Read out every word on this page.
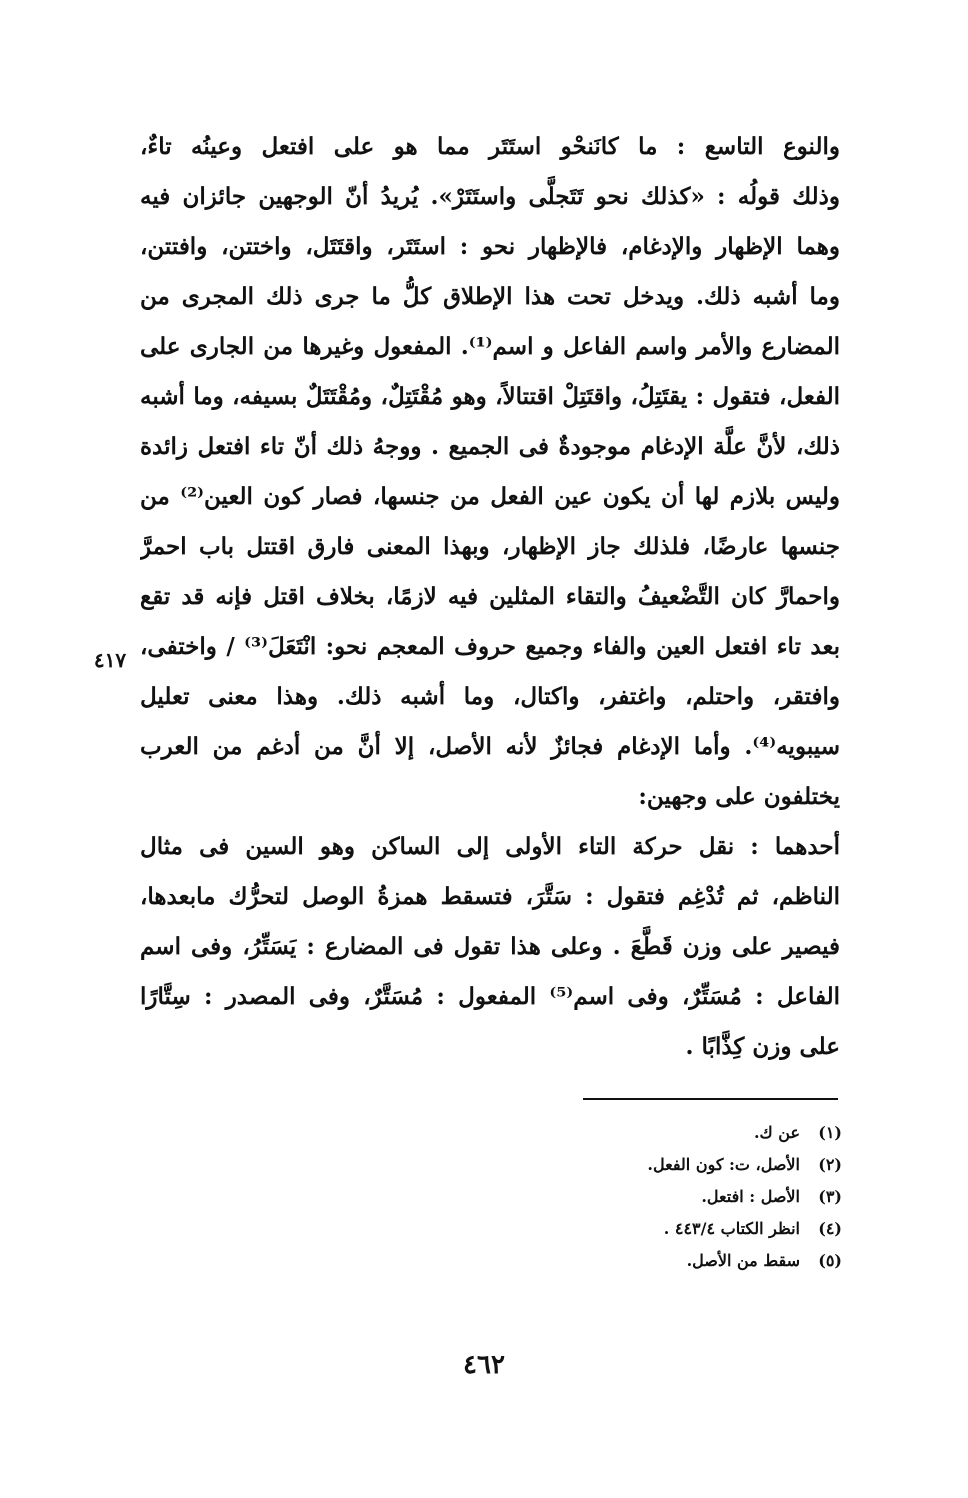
والنوع التاسع : ما كانَنحْو استَتَر مما هو على افتعل وعينُه تاءٌ،
وذلك قولُه : «كذلك نحو تَتَجلَّى واستَتَرْ». يُريدُ أنّ الوجهين جائزان فيه
وهما الإظهار والإدغام، فالإظهار نحو : استَتَر، واقتَتَل، واختتن، وافتتن،
وما أشبه ذلك. ويدخل تحت هذا الإطلاق كلُّ ما جرى ذلك المجرى من
المضارع والأمر واسم الفاعل و اسم⁽¹⁾. المفعول وغيرها من الجارى على
الفعل، فتقول : يقتَتِلُ، واقتَتِلْ اقتتالاً، وهو مُقْتَتِلٌ، ومُقْتَتَلٌ بسيفه، وما أشبه
ذلك، لأنَّ علَّة الإدغام موجودةٌ فى الجميع . ووجهُ ذلك أنّ تاء افتعل زائدة
وليس بلازم لها أن يكون عين الفعل من جنسها، فصار كون العين⁽²⁾ من
جنسها عارضًا، فلذلك جاز الإظهار، وبهذا المعنى فارق اقتتل باب احمرَّ
واحمارَّ كان التَّضْعيفُ والتقاء المثلين فيه لازمًا، بخلاف اقتل فإنه قد تقع
بعد تاء افتعل العين والفاء وجميع حروف المعجم نحو: انْتَعَلَ⁽³⁾ / واختفى،
وافتقر، واحتلم، واغتفر، واكتال، وما أشبه ذلك. وهذا معنى تعليل
سيبويه⁽⁴⁾. وأما الإدغام فجائزٌ لأنه الأصل، إلا أنَّ من أدغم من العرب
يختلفون على وجهين:
أحدهما : نقل حركة التاء الأولى إلى الساكن وهو السين فى مثال
الناظم، ثم تُدْغِم فتقول : سَتَّرَ، فتسقط همزةُ الوصل لتحرُّك مابعدها،
فيصير على وزن قَطَّعَ . وعلى هذا تقول فى المضارع : يَسَتِّرُ، وفى اسم
الفاعل : مُسَتِّرٌ، وفى اسم⁽⁵⁾ المفعول : مُسَتَّرٌ، وفى المصدر : سِتَّارًا
على وزن كِذَّابًا .
٤١٧
(١)عن ك.
(٢)الأصل، ت: كون الفعل.
(٣)الأصل : افتعل.
(٤)انظر الكتاب ٤٤٣/٤ .
(٥)سقط من الأصل.
٤٦٢
